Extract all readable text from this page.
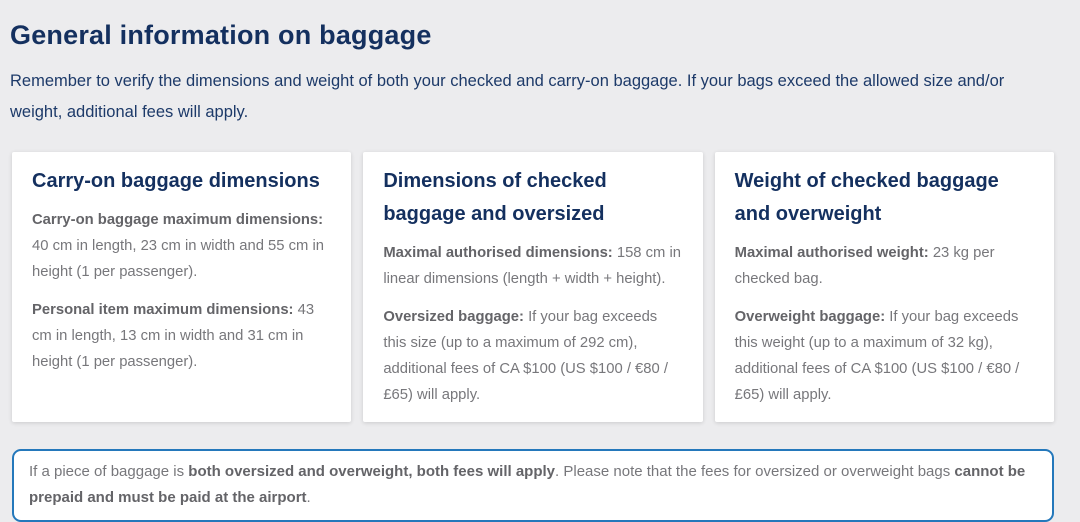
General information on baggage

Remember to verify the dimensions and weight of both your checked and carry-on baggage. If your bags exceed the allowed size and/or weight, additional fees will apply.

Carry-on baggage dimensions

Carry-on baggage maximum dimensions: 40 cm in length, 23 cm in width and 55 cm in height (1 per passenger).

Personal item maximum dimensions: 43 cm in length, 13 cm in width and 31 cm in height (1 per passenger).

Dimensions of checked baggage and oversized

Maximal authorised dimensions: 158 cm in linear dimensions (length + width + height).

Oversized baggage: If your bag exceeds this size (up to a maximum of 292 cm), additional fees of CA $100 (US $100 / €80 / £65) will apply.

Weight of checked baggage and overweight

Maximal authorised weight: 23 kg per checked bag.

Overweight baggage: If your bag exceeds this weight (up to a maximum of 32 kg), additional fees of CA $100 (US $100 / €80 / £65) will apply.

If a piece of baggage is both oversized and overweight, both fees will apply. Please note that the fees for oversized or overweight bags cannot be prepaid and must be paid at the airport.
